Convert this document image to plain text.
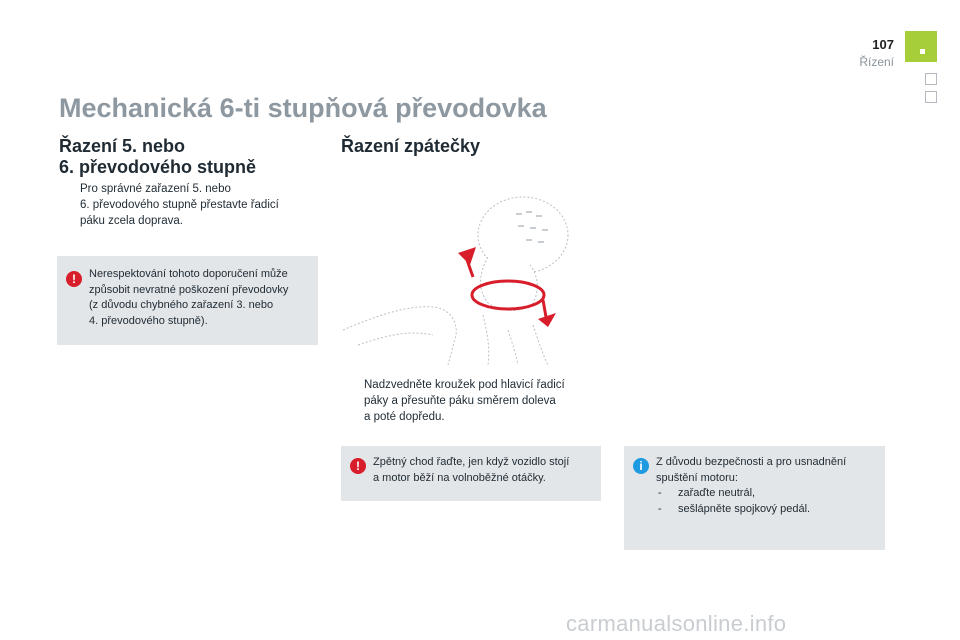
107
Řízení
Mechanická 6-ti stupňová převodovka
Řazení 5. nebo
6. převodového stupně
Pro správné zařazení 5. nebo
6. převodového stupně přestavte řadicí
páku zcela doprava.
!
Nerespektování tohoto doporučení může
způsobit nevratné poškození převodovky
(z důvodu chybného zařazení 3. nebo
4. převodového stupně).
Řazení zpátečky
Nadzvedněte kroužek pod hlavicí řadicí
páky a přesuňte páku směrem doleva
a poté dopředu.
!
Zpětný chod řaďte, jen když vozidlo stojí
a motor běží na volnoběžné otáčky.
i
Z důvodu bezpečnosti a pro usnadnění
spuštění motoru:
- zařaďte neutrál,
- sešlápněte spojkový pedál.
carmanualsonline.info
